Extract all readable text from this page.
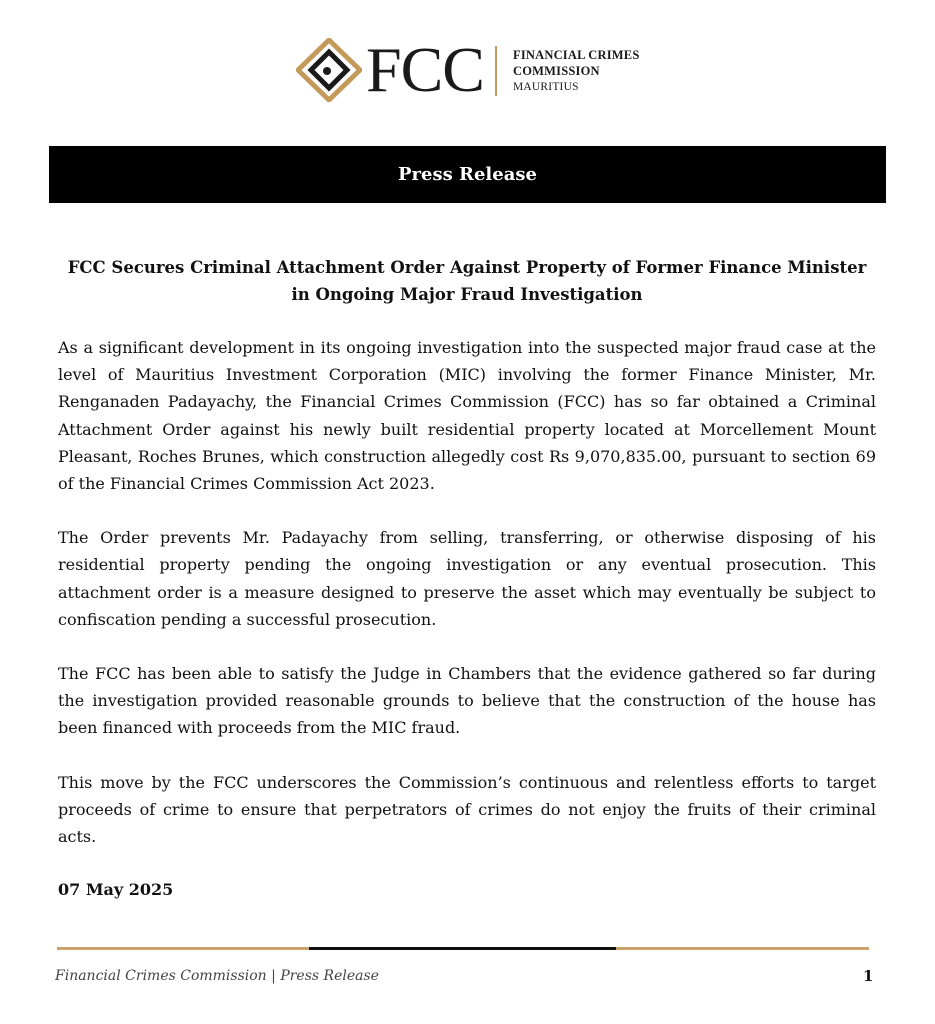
FCC FINANCIAL CRIMES
COMMISSION
MAURITIUS
Press Release
FCC Secures Criminal Attachment Order Against Property of Former Finance Minister in Ongoing Major Fraud Investigation

As a significant development in its ongoing investigation into the suspected major fraud case at the level of Mauritius Investment Corporation (MIC) involving the former Finance Minister, Mr. Renganaden Padayachy, the Financial Crimes Commission (FCC) has so far obtained a Criminal Attachment Order against his newly built residential property located at Morcellement Mount Pleasant, Roches Brunes, which construction allegedly cost Rs 9,070,835.00, pursuant to section 69 of the Financial Crimes Commission Act 2023.

The Order prevents Mr. Padayachy from selling, transferring, or otherwise disposing of his residential property pending the ongoing investigation or any eventual prosecution. This attachment order is a measure designed to preserve the asset which may eventually be subject to confiscation pending a successful prosecution.

The FCC has been able to satisfy the Judge in Chambers that the evidence gathered so far during the investigation provided reasonable grounds to believe that the construction of the house has been financed with proceeds from the MIC fraud.

This move by the FCC underscores the Commission’s continuous and relentless efforts to target proceeds of crime to ensure that perpetrators of crimes do not enjoy the fruits of their criminal acts.

07 May 2025
Financial Crimes Commission | Press Release	1
